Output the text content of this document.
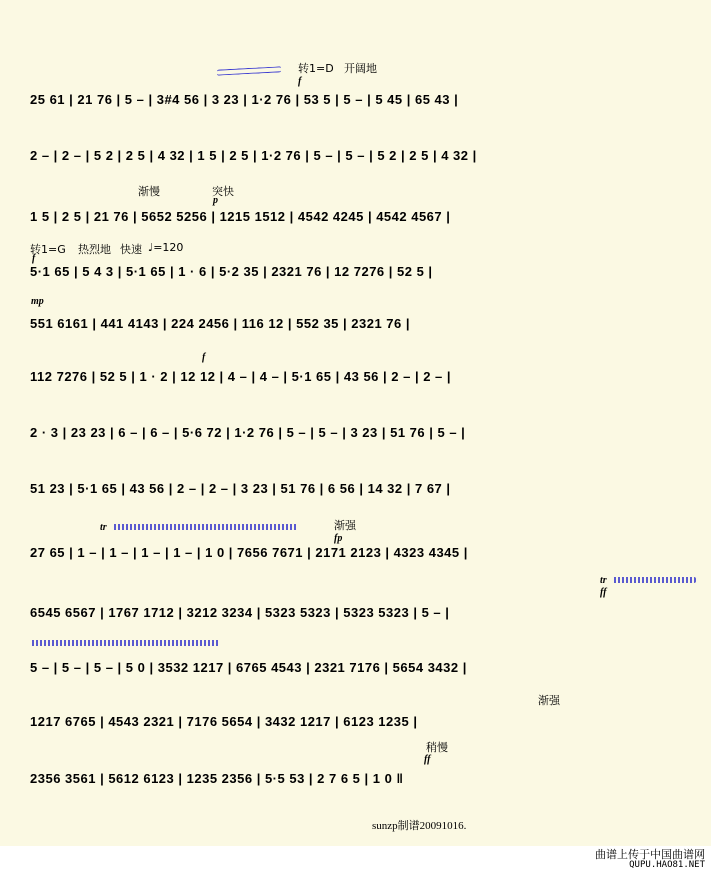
转1=D 开阔地
f
25 61 | 21 76 | 5 – | 3#4 56 | 3 23 | 1·2 76 | 53 5 | 5 – | 5 45 | 65 43 |
2 – | 2 – | 5 2 | 2 5 | 4 32 | 1 5 | 2 5 | 1·2 76 | 5 – | 5 – | 5 2 | 2 5 | 4 32 |
渐慢	突快
p
1 5 | 2 5 | 21 76 | 5652 5256 | 1215 1512 | 4542 4245 | 4542 4567 |
转1=G 热烈地 快速 ♩=120
f
5·1 65 | 5 4 3 | 5·1 65 | 1 · 6 | 5·2 35 | 2321 76 | 12 7276 | 52 5 |
mp
551 6161 | 441 4143 | 224 2456 | 116 12 | 552 35 | 2321 76 |
f
112 7276 | 52 5 | 1 · 2 | 12 12 | 4 – | 4 – | 5·1 65 | 43 56 | 2 – | 2 – |
2 · 3 | 23 23 | 6 – | 6 – | 5·6 72 | 1·2 76 | 5 – | 5 – | 3 23 | 51 76 | 5 – |
51 23 | 5·1 65 | 43 56 | 2 – | 2 – | 3 23 | 51 76 | 6 56 | 14 32 | 7 67 |
tr	渐强
fp
27 65 | 1 – | 1 – | 1 – | 1 – | 1 0 | 7656 7671 | 2171 2123 | 4323 4345 |
tr
ff
6545 6567 | 1767 1712 | 3212 3234 | 5323 5323 | 5323 5323 | 5 – |
5 – | 5 – | 5 – | 5 0 | 3532 1217 | 6765 4543 | 2321 7176 | 5654 3432 |
渐强
1217 6765 | 4543 2321 | 7176 5654 | 3432 1217 | 6123 1235 |
稍慢
ff
2356 3561 | 5612 6123 | 1235 2356 | 5·5 53 | 2 7 6 5 | 1 0 ‖
sunzp制谱20091016.
曲谱上传于中国曲谱网
QUPU.HAO81.NET
